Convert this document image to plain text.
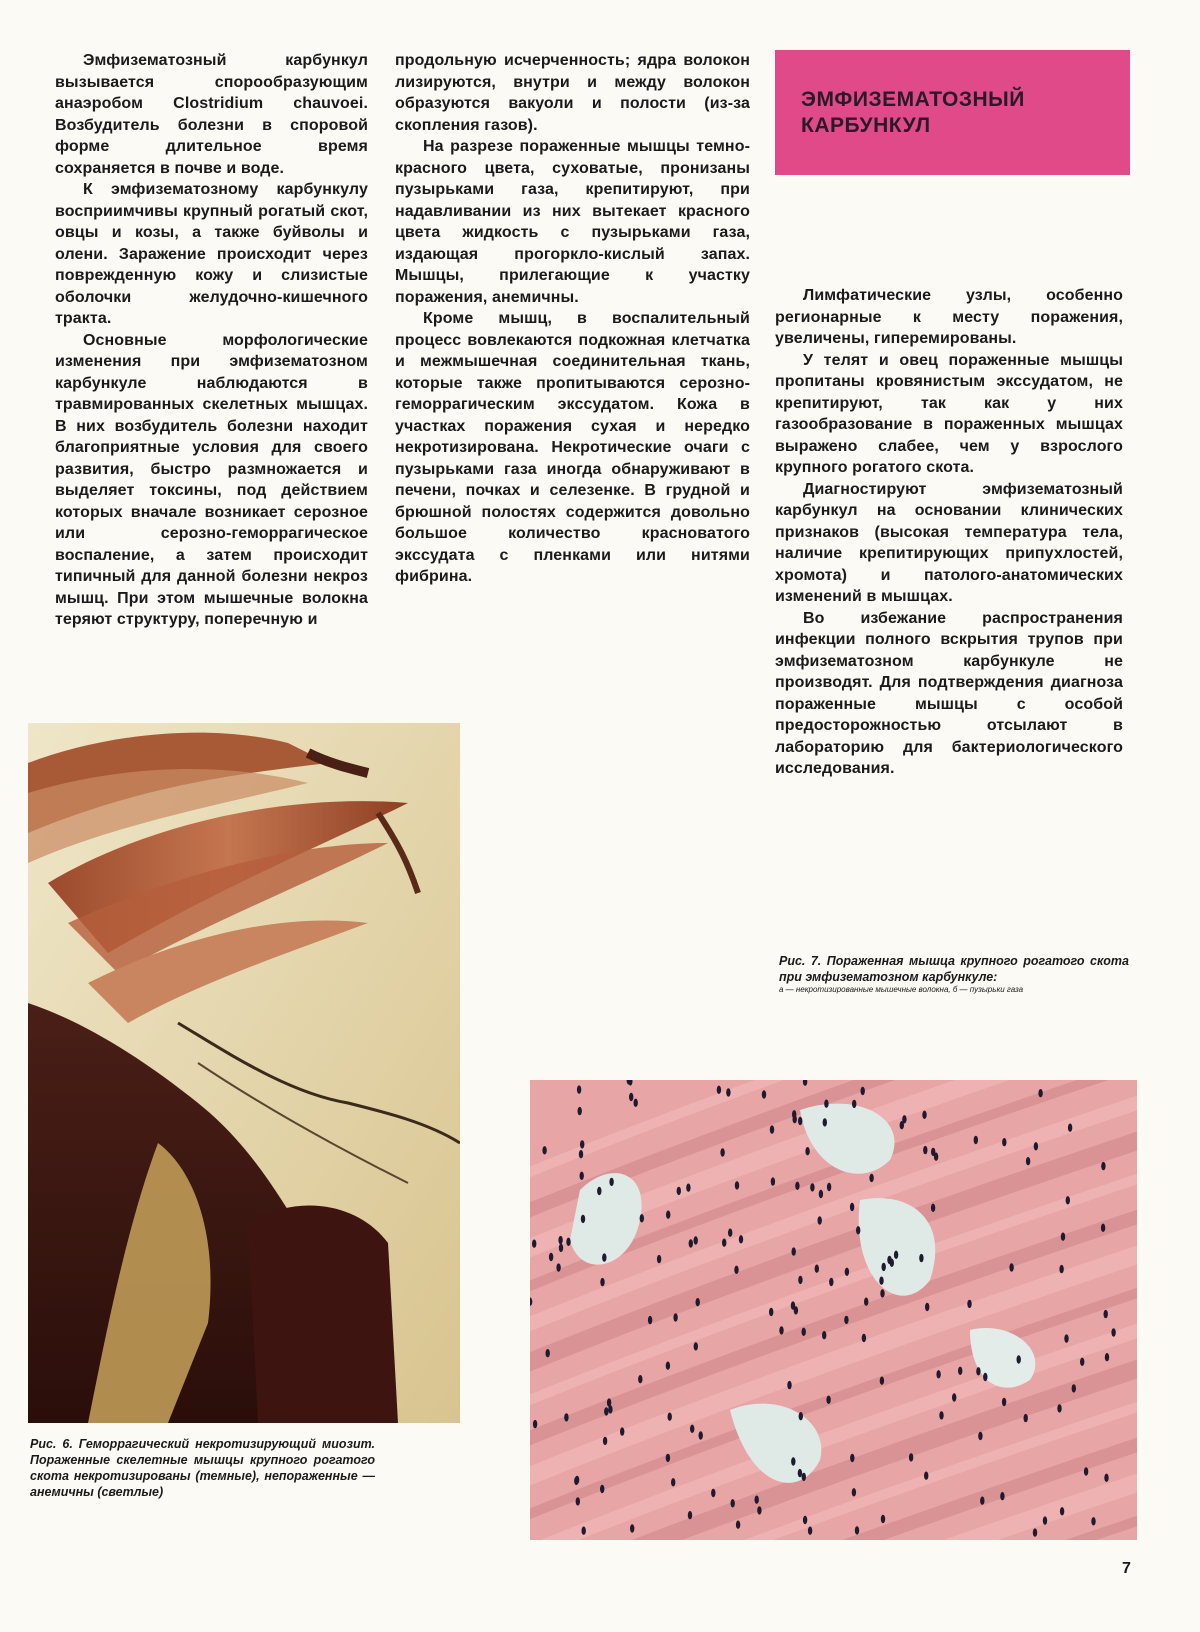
Эмфизематозный карбункул вызывается спорообразующим анаэробом Clostridium chauvoei. Возбудитель болезни в споровой форме длительное время сохраняется в почве и воде.

К эмфизематозному карбункулу восприимчивы крупный рогатый скот, овцы и козы, а также буйволы и олени. Заражение происходит через поврежденную кожу и слизистые оболочки желудочно-кишечного тракта.

Основные морфологические изменения при эмфизематозном карбункуле наблюдаются в травмированных скелетных мышцах. В них возбудитель болезни находит благоприятные условия для своего развития, быстро размножается и выделяет токсины, под действием которых вначале возникает серозное или серозно-геморрагическое воспаление, а затем происходит типичный для данной болезни некроз мышц. При этом мышечные волокна теряют структуру, поперечную и

продольную исчерченность; ядра волокон лизируются, внутри и между волокон образуются вакуоли и полости (из-за скопления газов).

На разрезе пораженные мышцы темно-красного цвета, суховатые, пронизаны пузырьками газа, крепитируют, при надавливании из них вытекает красного цвета жидкость с пузырьками газа, издающая прогоркло-кислый запах. Мышцы, прилегающие к участку поражения, анемичны.

Кроме мышц, в воспалительный процесс вовлекаются подкожная клетчатка и межмышечная соединительная ткань, которые также пропитываются серозно-геморрагическим экссудатом. Кожа в участках поражения сухая и нередко некротизирована. Некротические очаги с пузырьками газа иногда обнаруживают в печени, почках и селезенке. В грудной и брюшной полостях содержится довольно большое количество красноватого экссудата с пленками или нитями фибрина.

ЭМФИЗЕМАТОЗНЫЙ
КАРБУНКУЛ

Лимфатические узлы, особенно регионарные к месту поражения, увеличены, гиперемированы.

У телят и овец пораженные мышцы пропитаны кровянистым экссудатом, не крепитируют, так как у них газообразование в пораженных мышцах выражено слабее, чем у взрослого крупного рогатого скота.

Диагностируют эмфизематозный карбункул на основании клинических признаков (высокая температура тела, наличие крепитирующих припухлостей, хромота) и патолого-анатомических изменений в мышцах.

Во избежание распространения инфекции полного вскрытия трупов при эмфизематозном карбункуле не производят. Для подтверждения диагноза пораженные мышцы с особой предосторожностью отсылают в лабораторию для бактериологического исследования.

Рис. 7. Пораженная мышца крупного рогатого скота при эмфизематозном карбункуле:
а — некротизированные мышечные волокна, б — пузырьки газа
Рис. 6. Геморрагический некротизирующий миозит. Пораженные скелетные мышцы крупного рогатого скота некротизированы (темные), непораженные — анемичны (светлые)
7
